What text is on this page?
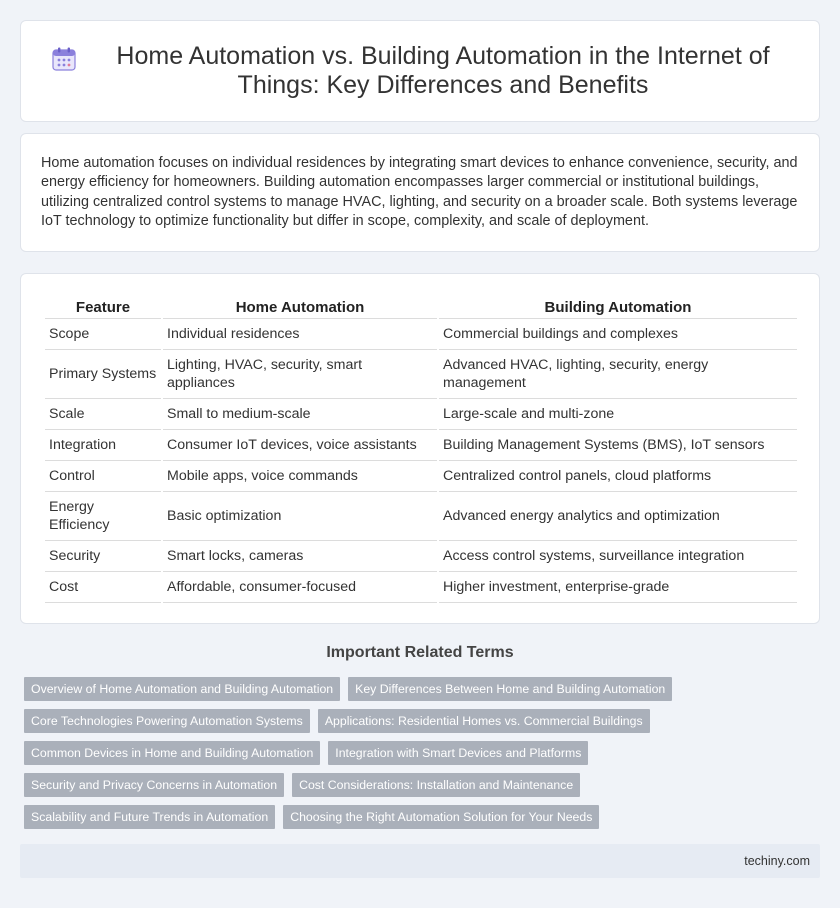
Home Automation vs. Building Automation in the Internet of Things: Key Differences and Benefits

Home automation focuses on individual residences by integrating smart devices to enhance convenience, security, and energy efficiency for homeowners. Building automation encompasses larger commercial or institutional buildings, utilizing centralized control systems to manage HVAC, lighting, and security on a broader scale. Both systems leverage IoT technology to optimize functionality but differ in scope, complexity, and scale of deployment.

Feature	Home Automation	Building Automation
Scope	Individual residences	Commercial buildings and complexes
Primary Systems	Lighting, HVAC, security, smart appliances	Advanced HVAC, lighting, security, energy management
Scale	Small to medium-scale	Large-scale and multi-zone
Integration	Consumer IoT devices, voice assistants	Building Management Systems (BMS), IoT sensors
Control	Mobile apps, voice commands	Centralized control panels, cloud platforms
Energy Efficiency	Basic optimization	Advanced energy analytics and optimization
Security	Smart locks, cameras	Access control systems, surveillance integration
Cost	Affordable, consumer-focused	Higher investment, enterprise-grade
Important Related Terms
Overview of Home Automation and Building Automation	Key Differences Between Home and Building Automation
Core Technologies Powering Automation Systems	Applications: Residential Homes vs. Commercial Buildings
Common Devices in Home and Building Automation	Integration with Smart Devices and Platforms
Security and Privacy Concerns in Automation	Cost Considerations: Installation and Maintenance
Scalability and Future Trends in Automation	Choosing the Right Automation Solution for Your Needs
techiny.com
